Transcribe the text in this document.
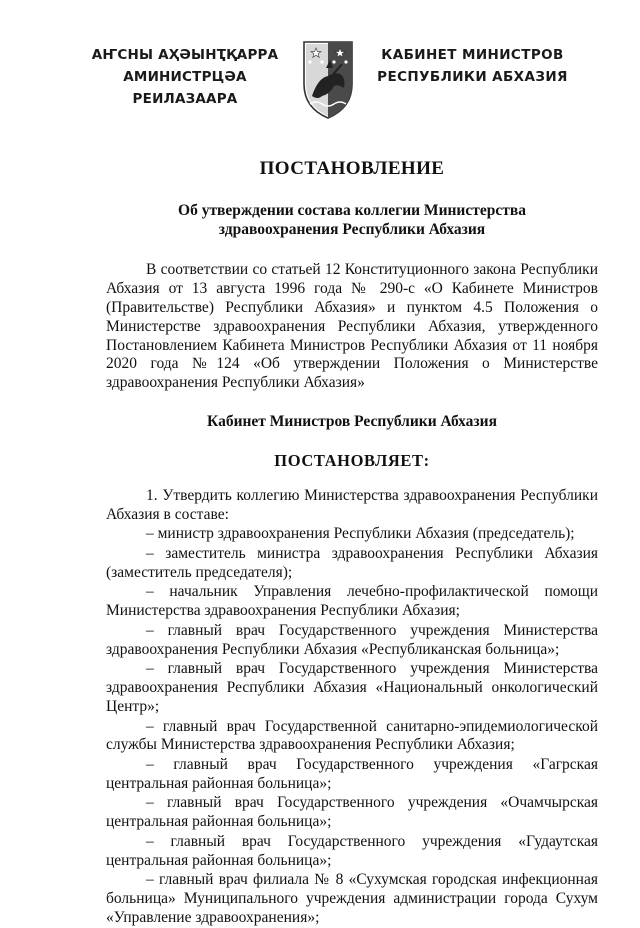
АҤСНЫ АҲӘЫНҬҚАРРА
АМИНИСТРЦӘА РЕИЛАЗААРА
КАБИНЕТ МИНИСТРОВ
РЕСПУБЛИКИ АБХАЗИЯ

ПОСТАНОВЛЕНИЕ

Об утверждении состава коллегии Министерства
здравоохранения Республики Абхазия

В соответствии со статьей 12 Конституционного закона Республики Абхазия от 13 августа 1996 года № 290-с «О Кабинете Министров (Правительстве) Республики Абхазия» и пунктом 4.5 Положения о Министерстве здравоохранения Республики Абхазия, утвержденного Постановлением Кабинета Министров Республики Абхазия от 11 ноября 2020 года №124 «Об утверждении Положения о Министерстве здравоохранения Республики Абхазия»

Кабинет Министров Республики Абхазия

ПОСТАНОВЛЯЕТ:

1. Утвердить коллегию Министерства здравоохранения Республики Абхазия в составе:

– министр здравоохранения Республики Абхазия (председатель);

– заместитель министра здравоохранения Республики Абхазия (заместитель председателя);

– начальник Управления лечебно-профилактической помощи Министерства здравоохранения Республики Абхазия;

– главный врач Государственного учреждения Министерства здравоохранения Республики Абхазия «Республиканская больница»;

– главный врач Государственного учреждения Министерства здравоохранения Республики Абхазия «Национальный онкологический Центр»;

– главный врач Государственной санитарно-эпидемиологической службы Министерства здравоохранения Республики Абхазия;

– главный врач Государственного учреждения «Гагрская центральная районная больница»;

– главный врач Государственного учреждения «Очамчырская центральная районная больница»;

– главный врач Государственного учреждения «Гудаутская центральная районная больница»;

– главный врач филиала № 8 «Сухумская городская инфекционная больница» Муниципального учреждения администрации города Сухум «Управление здравоохранения»;
